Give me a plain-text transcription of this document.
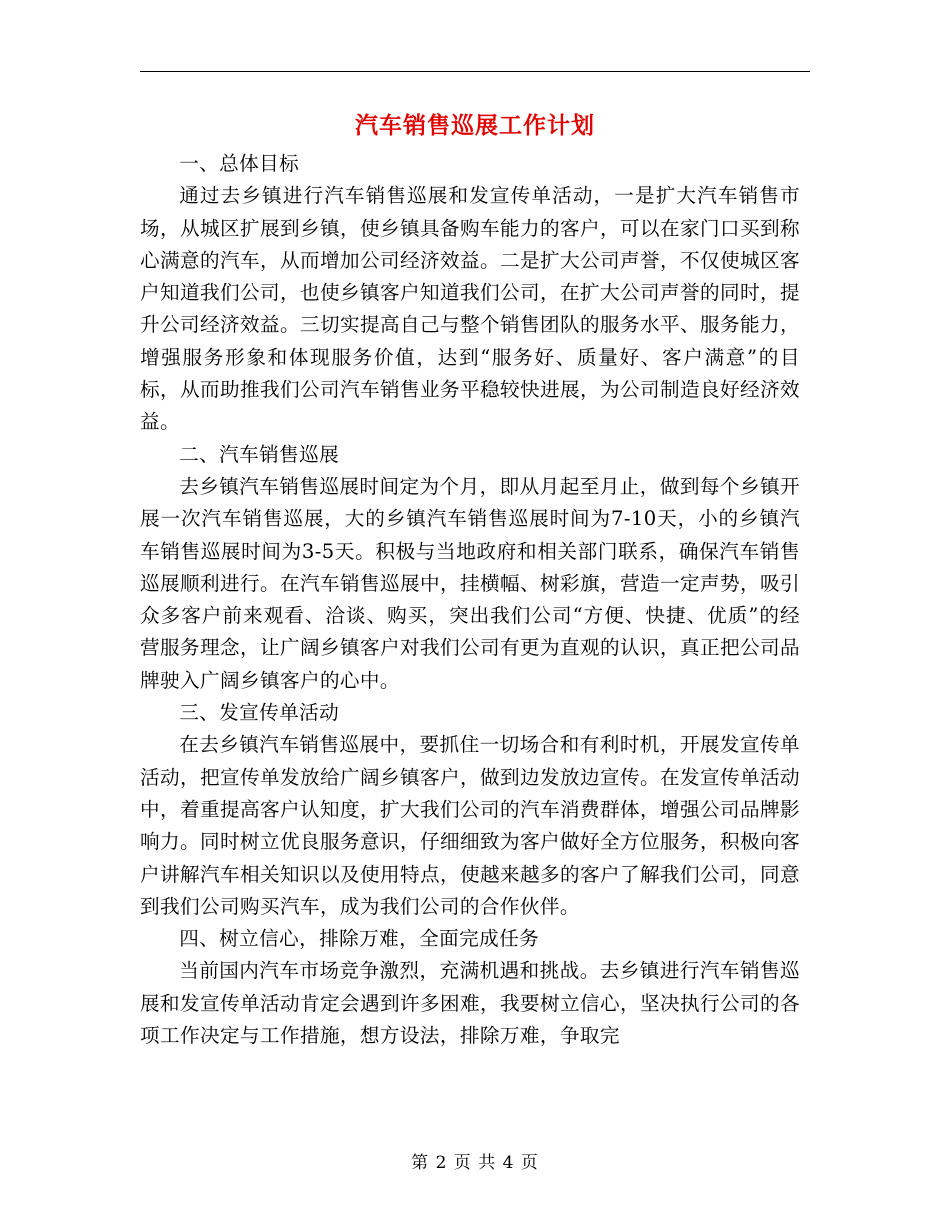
汽车销售巡展工作计划

一、总体目标

通过去乡镇进行汽车销售巡展和发宣传单活动，一是扩大汽车销售市场，从城区扩展到乡镇，使乡镇具备购车能力的客户，可以在家门口买到称心满意的汽车，从而增加公司经济效益。二是扩大公司声誉，不仅使城区客户知道我们公司，也使乡镇客户知道我们公司，在扩大公司声誉的同时，提升公司经济效益。三切实提高自己与整个销售团队的服务水平、服务能力，增强服务形象和体现服务价值，达到“服务好、质量好、客户满意”的目标，从而助推我们公司汽车销售业务平稳较快进展，为公司制造良好经济效益。

二、汽车销售巡展

去乡镇汽车销售巡展时间定为个月，即从月起至月止，做到每个乡镇开展一次汽车销售巡展，大的乡镇汽车销售巡展时间为7-10天，小的乡镇汽车销售巡展时间为3-5天。积极与当地政府和相关部门联系，确保汽车销售巡展顺利进行。在汽车销售巡展中，挂横幅、树彩旗，营造一定声势，吸引众多客户前来观看、洽谈、购买，突出我们公司“方便、快捷、优质”的经营服务理念，让广阔乡镇客户对我们公司有更为直观的认识，真正把公司品牌驶入广阔乡镇客户的心中。

三、发宣传单活动

在去乡镇汽车销售巡展中，要抓住一切场合和有利时机，开展发宣传单活动，把宣传单发放给广阔乡镇客户，做到边发放边宣传。在发宣传单活动中，着重提高客户认知度，扩大我们公司的汽车消费群体，增强公司品牌影响力。同时树立优良服务意识，仔细细致为客户做好全方位服务，积极向客户讲解汽车相关知识以及使用特点，使越来越多的客户了解我们公司，同意到我们公司购买汽车，成为我们公司的合作伙伴。

四、树立信心，排除万难，全面完成任务

当前国内汽车市场竞争激烈，充满机遇和挑战。去乡镇进行汽车销售巡展和发宣传单活动肯定会遇到许多困难，我要树立信心，坚决执行公司的各项工作决定与工作措施，想方设法，排除万难，争取完

第 2 页 共 4 页
